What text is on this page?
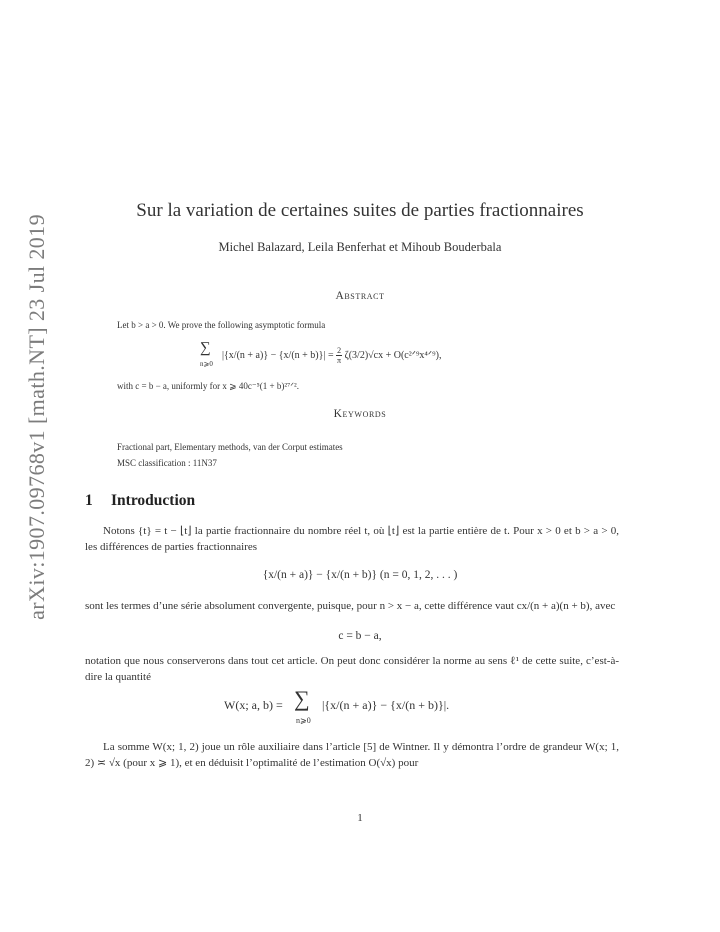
arXiv:1907.09768v1 [math.NT] 23 Jul 2019
Sur la variation de certaines suites de parties fractionnaires
Michel Balazard, Leila Benferhat et Mihoub Bouderbala
Abstract
Let b > a > 0. We prove the following asymptotic formula
∑
n⩾0
$|\{x/(n + a)\} - \{x/(n + b)\}| = \frac{2}{\pi} \zeta(3/2)√cx$ + O(c²ᐟ⁹x⁴ᐟ⁹),
with c = b − a, uniformly for x ⩾ 40c⁻⁵(1 + b)²⁷ᐟ².
Keywords
Fractional part, Elementary methods, van der Corput estimates
MSC classification : 11N37
1 Introduction
Notons {t} = t − ⌊t⌋ la partie fractionnaire du nombre réel t, où ⌊t⌋ est la partie entière de t. Pour x > 0 et b > a > 0, les différences de parties fractionnaires
{x/(n + a)} − {x/(n + b)} (n = 0, 1, 2, . . . )
sont les termes d’une série absolument convergente, puisque, pour n > x − a, cette différence vaut cx/(n + a)(n + b), avec
c = b − a,
notation que nous conserverons dans tout cet article. On peut donc considérer la norme au sens ℓ¹ de cette suite, c’est-à-dire la quantité
W(x; a, b) = ∑
n⩾0
|{x/(n + a)} − {x/(n + b)}|.
La somme W(x; 1, 2) joue un rôle auxiliaire dans l’article [5] de Wintner. Il y démontra l’ordre de grandeur W(x; 1, 2) ≍ √x (pour x ⩾ 1), et en déduisit l’optimalité de l’estimation O(√x) pour
1
